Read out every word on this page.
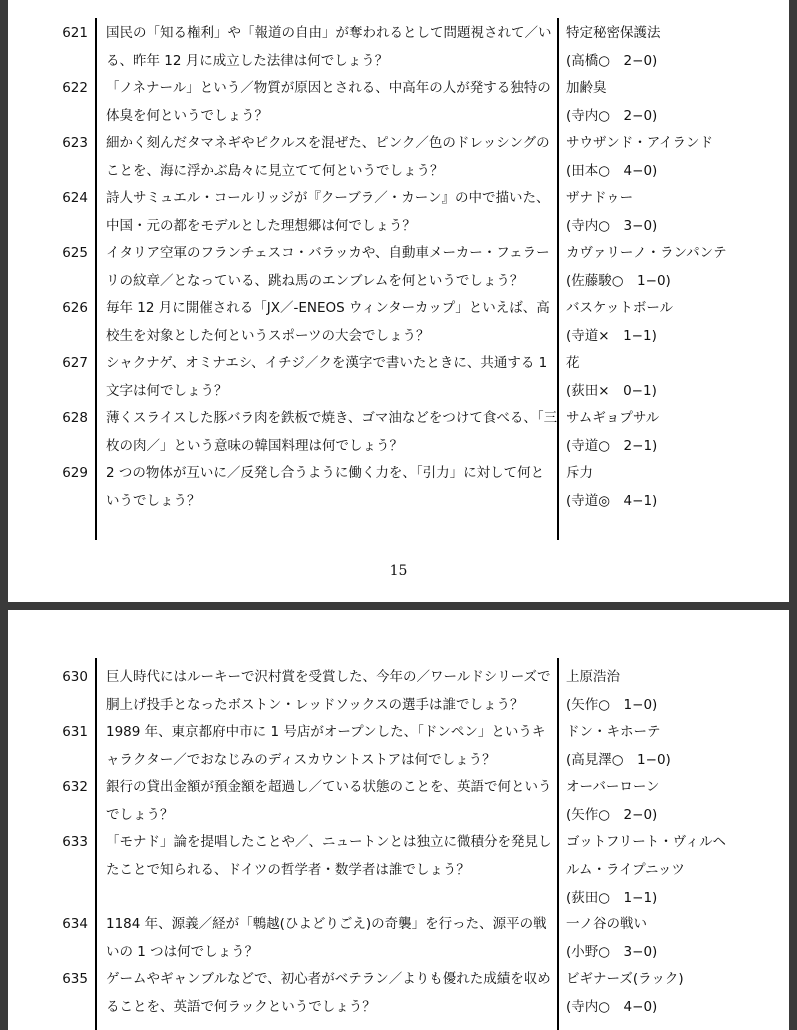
621 国民の「知る権利」や「報道の自由」が奪われるとして問題視されて／い
る、昨年 12 月に成立した法律は何でしょう？
特定秘密保護法
(高橋○　2−0)
622 「ノネナール」という／物質が原因とされる、中高年の人が発する独特の
体臭を何というでしょう？
加齢臭
(寺内○　2−0)
623 細かく刻んだタマネギやピクルスを混ぜた、ピンク／色のドレッシングの
ことを、海に浮かぶ島々に見立てて何というでしょう？
サウザンド・アイランド
(田本○　4−0)
624 詩人サミュエル・コールリッジが『クーブラ／・カーン』の中で描いた、
中国・元の都をモデルとした理想郷は何でしょう？
ザナドゥー
(寺内○　3−0)
625 イタリア空軍のフランチェスコ・バラッカや、自動車メーカー・フェラー
リの紋章／となっている、跳ね馬のエンブレムを何というでしょう？
カヴァリーノ・ランパンテ
(佐藤駿○　1−0)
626 毎年 12 月に開催される「JX／-ENEOS ウィンターカップ」といえば、高
校生を対象とした何というスポーツの大会でしょう？
バスケットボール
(寺道×　1−1)
627 シャクナゲ、オミナエシ、イチジ／クを漢字で書いたときに、共通する 1
文字は何でしょう？
花
(荻田×　0−1)
628 薄くスライスした豚バラ肉を鉄板で焼き、ゴマ油などをつけて食べる、「三
枚の肉／」という意味の韓国料理は何でしょう？
サムギョプサル
(寺道○　2−1)
629 2 つの物体が互いに／反発し合うように働く力を、「引力」に対して何と
いうでしょう？
斥力
(寺道◎　4−1)
15
630 巨人時代にはルーキーで沢村賞を受賞した、今年の／ワールドシリーズで
胴上げ投手となったボストン・レッドソックスの選手は誰でしょう？
上原浩治
(矢作○　1−0)
631 1989 年、東京都府中市に 1 号店がオープンした、「ドンペン」というキ
ャラクター／でおなじみのディスカウントストアは何でしょう？
ドン・キホーテ
(高見澤○　1−0)
632 銀行の貸出金額が預金額を超過し／ている状態のことを、英語で何という
でしょう？
オーバーローン
(矢作○　2−0)
633 「モナド」論を提唱したことや／、ニュートンとは独立に微積分を発見し
たことで知られる、ドイツの哲学者・数学者は誰でしょう？
ゴットフリート・ヴィルヘ
ルム・ライプニッツ
(荻田○　1−1)
634 1184 年、源義／経が「鵯越(ひよどりごえ)の奇襲」を行った、源平の戦
いの 1 つは何でしょう？
一ノ谷の戦い
(小野○　3−0)
635 ゲームやギャンブルなどで、初心者がベテラン／よりも優れた成績を収め
ることを、英語で何ラックというでしょう？
ビギナーズ(ラック)
(寺内○　4−0)
